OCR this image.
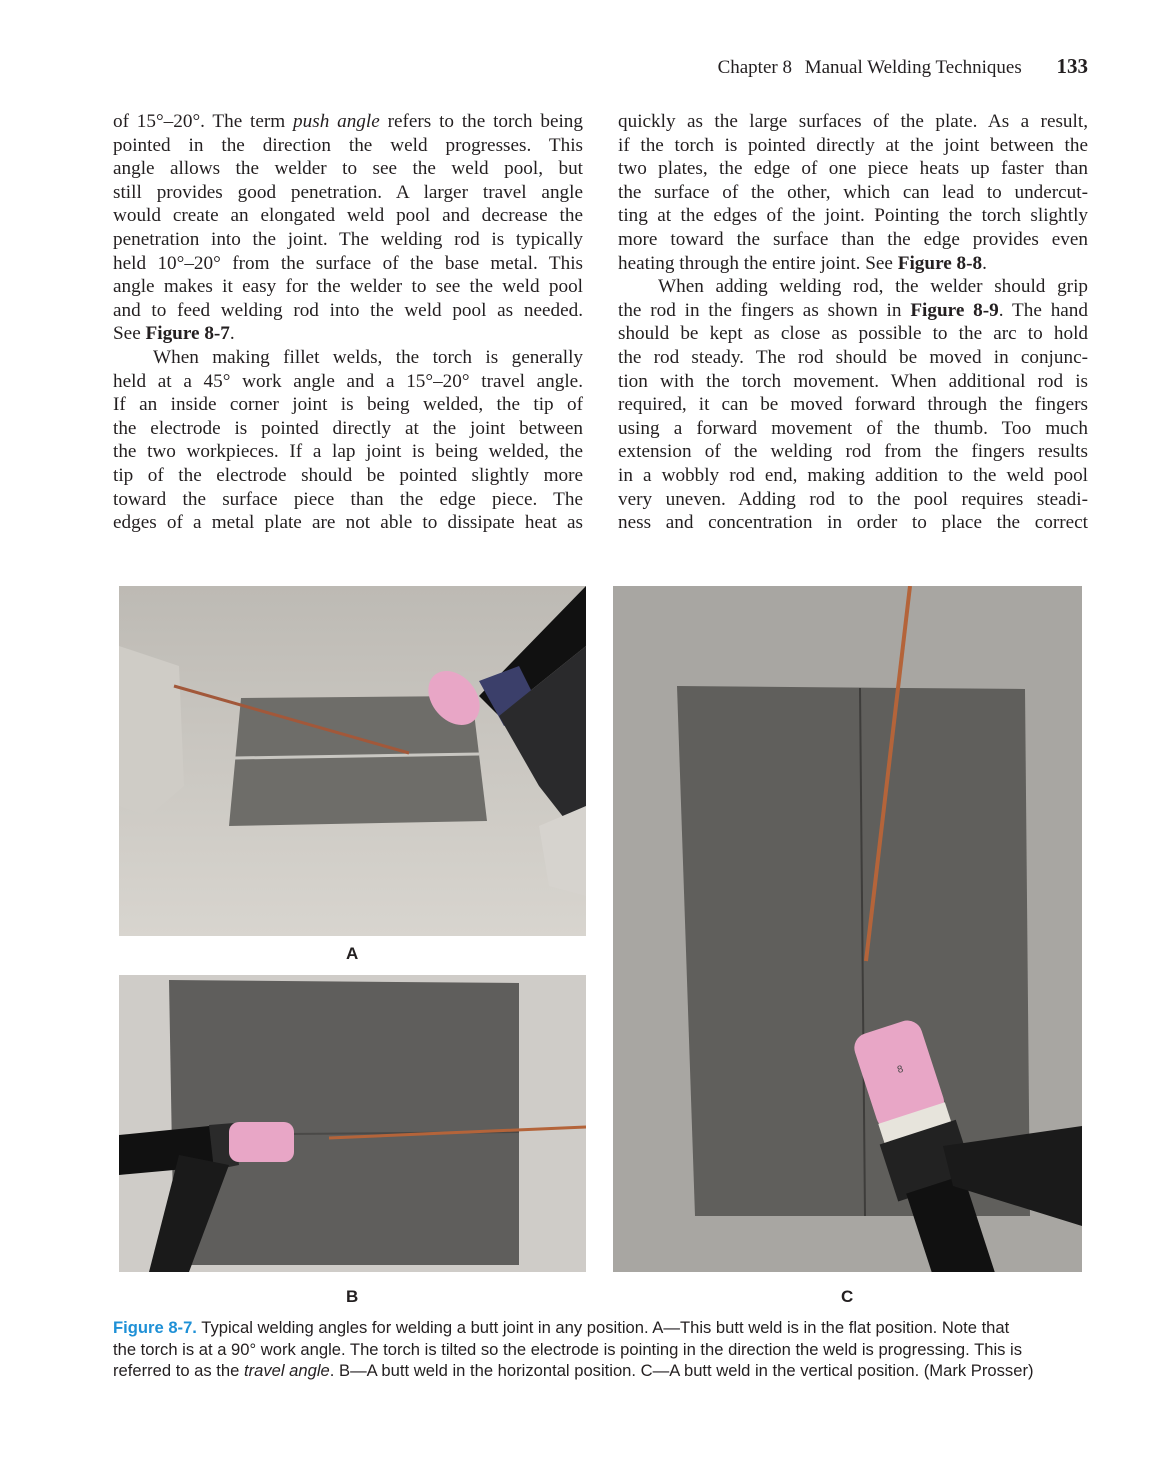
Chapter 8 Manual Welding Techniques 133
of 15°–20°. The term push angle refers to the torch being
pointed in the direction the weld progresses. This
angle allows the welder to see the weld pool, but
still provides good penetration. A larger travel angle
would create an elongated weld pool and decrease the
penetration into the joint. The welding rod is typically
held 10°–20° from the surface of the base metal. This
angle makes it easy for the welder to see the weld pool
and to feed welding rod into the weld pool as needed.
See Figure 8-7.
When making fillet welds, the torch is generally
held at a 45° work angle and a 15°–20° travel angle.
If an inside corner joint is being welded, the tip of
the electrode is pointed directly at the joint between
the two workpieces. If a lap joint is being welded, the
tip of the electrode should be pointed slightly more
toward the surface piece than the edge piece. The
edges of a metal plate are not able to dissipate heat as
quickly as the large surfaces of the plate. As a result,
if the torch is pointed directly at the joint between the
two plates, the edge of one piece heats up faster than
the surface of the other, which can lead to undercut-
ting at the edges of the joint. Pointing the torch slightly
more toward the surface than the edge provides even
heating through the entire joint. See Figure 8-8.
When adding welding rod, the welder should grip
the rod in the fingers as shown in Figure 8-9. The hand
should be kept as close as possible to the arc to hold
the rod steady. The rod should be moved in conjunc-
tion with the torch movement. When additional rod is
required, it can be moved forward through the fingers
using a forward movement of the thumb. Too much
extension of the welding rod from the fingers results
in a wobbly rod end, making addition to the weld pool
very uneven. Adding rod to the pool requires steadi-
ness and concentration in order to place the correct
A
B
8
C
Figure 8-7. Typical welding angles for welding a butt joint in any position. A—This butt weld is in the flat position. Note that
the torch is at a 90° work angle. The torch is tilted so the electrode is pointing in the direction the weld is progressing. This is
referred to as the travel angle. B—A butt weld in the horizontal position. C—A butt weld in the vertical position. (Mark Prosser)
